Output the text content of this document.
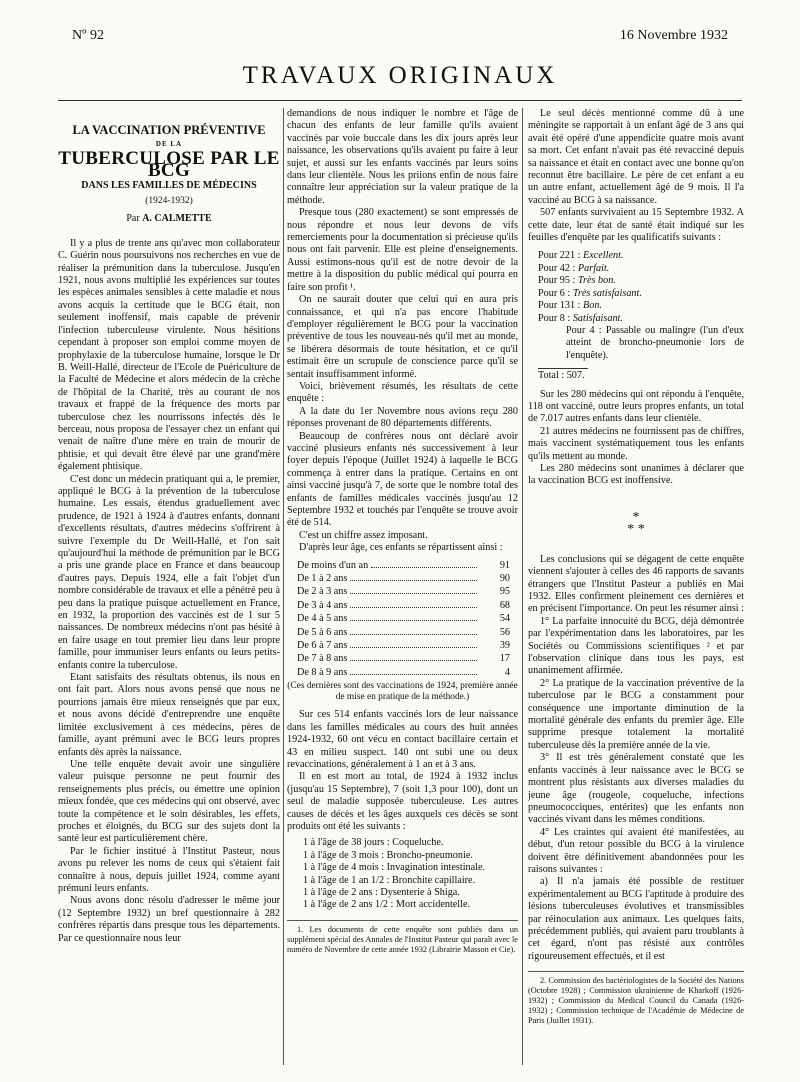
Nº 92	16 Novembre 1932
TRAVAUX ORIGINAUX
LA VACCINATION PRÉVENTIVE
DE LA
TUBERCULOSE PAR LE BCG
DANS LES FAMILLES DE MÉDECINS
(1924-1932)
Par A. CALMETTE

Il y a plus de trente ans qu'avec mon collaborateur C. Guérin nous poursuivons nos recherches en vue de réaliser la prémunition dans la tuberculose. Jusqu'en 1921, nous avons multiplié les expériences sur toutes les espèces animales sensibles à cette maladie et nous avons acquis la certitude que le BCG était, non seulement inoffensif, mais capable de prévenir l'infection tuberculeuse virulente. Nous hésitions cependant à proposer son emploi comme moyen de prophylaxie de la tuberculose humaine, lorsque le Dr B. Weill-Hallé, directeur de l'Ecole de Puériculture de la Faculté de Médecine et alors médecin de la crèche de l'hôpital de la Charité, très au courant de nos travaux et frappé de la fréquence des morts par tuberculose chez les nourrissons infectés dès le berceau, nous proposa de l'essayer chez un enfant qui venait de naître d'une mère en train de mourir de phtisie, et qui devait être élevé par une grand'mère également phtisique.

C'est donc un médecin pratiquant qui a, le premier, appliqué le BCG à la prévention de la tuberculose humaine. Les essais, étendus graduellement avec prudence, de 1921 à 1924 à d'autres enfants, donnant d'excellents résultats, d'autres médecins s'offrirent à suivre l'exemple du Dr Weill-Hallé, et l'on sait qu'aujourd'hui la méthode de prémunition par le BCG a pris une grande place en France et dans beaucoup d'autres pays. Depuis 1924, elle a fait l'objet d'un nombre considérable de travaux et elle a pénétré peu à peu dans la pratique puisque actuellement en France, en 1932, la proportion des vaccinés est de 1 sur 5 naissances. De nombreux médecins n'ont pas hésité à en faire usage en tout premier lieu dans leur propre famille, pour immuniser leurs enfants ou leurs petits-enfants contre la tuberculose.

Etant satisfaits des résultats obtenus, ils nous en ont fait part. Alors nous avons pensé que nous ne pourrions jamais être mieux renseignés que par eux, et nous avons décidé d'entreprendre une enquête limitée exclusivement à ces médecins, pères de famille, ayant prémuni avec le BCG leurs propres enfants dès après la naissance.

Une telle enquête devait avoir une singulière valeur puisque personne ne peut fournir des renseignements plus précis, ou émettre une opinion mieux fondée, que ces médecins qui ont observé, avec toute la compétence et le soin désirables, les effets, proches et éloignés, du BCG sur des sujets dont la santé leur est particulièrement chère.

Par le fichier institué à l'Institut Pasteur, nous avons pu relever les noms de ceux qui s'étaient fait connaître à nous, depuis juillet 1924, comme ayant prémuni leurs enfants.

Nous avons donc résolu d'adresser le même jour (12 Septembre 1932) un bref questionnaire à 282 confrères répartis dans presque tous les départements. Par ce questionnaire nous leur

demandions de nous indiquer le nombre et l'âge de chacun des enfants de leur famille qu'ils avaient vaccinés par voie buccale dans les dix jours après leur naissance, les observations qu'ils avaient pu faire à leur sujet, et aussi sur les enfants vaccinés par leurs soins dans leur clientèle. Nous les priions enfin de nous faire connaître leur appréciation sur la valeur pratique de la méthode.

Presque tous (280 exactement) se sont empressés de nous répondre et nous leur devons de vifs remerciements pour la documentation si précieuse qu'ils nous ont fait parvenir. Elle est pleine d'enseignements. Aussi estimons-nous qu'il est de notre devoir de la mettre à la disposition du public médical qui pourra en faire son profit ¹.

On ne saurait douter que celui qui en aura pris connaissance, et qui n'a pas encore l'habitude d'employer régulièrement le BCG pour la vaccination préventive de tous les nouveau-nés qu'il met au monde, se libérera désormais de toute hésitation, et ce qu'il estimait être un scrupule de conscience parce qu'il se sentait insuffisamment informé.

Voici, brièvement résumés, les résultats de cette enquête :

A la date du 1er Novembre nous avions reçu 280 réponses provenant de 80 départements différents.

Beaucoup de confrères nous ont déclaré avoir vacciné plusieurs enfants nés successivement à leur foyer depuis l'époque (Juillet 1924) à laquelle le BCG commença à entrer dans la pratique. Certains en ont ainsi vacciné jusqu'à 7, de sorte que le nombre total des enfants de familles médicales vaccinés jusqu'au 12 Septembre 1932 et touchés par l'enquête se trouve avoir été de 514.

C'est un chiffre assez imposant.

D'après leur âge, ces enfants se répartissent ainsi :

De moins d'un an	91
De 1 à 2 ans	90
De 2 à 3 ans	95
De 3 à 4 ans	68
De 4 à 5 ans	54
De 5 à 6 ans	56
De 6 à 7 ans	39
De 7 à 8 ans	17
De 8 à 9 ans	4
(Ces dernières sont des vaccinations de 1924, première année de mise en pratique de la méthode.)

Sur ces 514 enfants vaccinés lors de leur naissance dans les familles médicales au cours des huit années 1924-1932, 60 ont vécu en contact bacillaire certain et 43 en milieu suspect. 140 ont subi une ou deux revaccinations, généralement à 1 an et à 3 ans.

Il en est mort au total, de 1924 à 1932 inclus (jusqu'au 15 Septembre), 7 (soit 1,3 pour 100), dont un seul de maladie supposée tuberculeuse. Les autres causes de décès et les âges auxquels ces décès se sont produits ont été les suivants :

1 à l'âge de 38 jours : Coqueluche.
1 à l'âge de 3 mois : Broncho-pneumonie.
1 à l'âge de 4 mois : Invagination intestinale.
1 à l'âge de 1 an 1/2 : Bronchite capillaire.
1 à l'âge de 2 ans : Dysenterie à Shiga.
1 à l'âge de 2 ans 1/2 : Mort accidentelle.

1. Les documents de cette enquête sont publiés dans un supplément spécial des Annales de l'Institut Pasteur qui paraît avec le numéro de Novembre de cette année 1932 (Librairie Masson et Cie).

Le seul décès mentionné comme dû à une méningite se rapportait à un enfant âgé de 3 ans qui avait été opéré d'une appendicite quatre mois avant sa mort. Cet enfant n'avait pas été revacciné depuis sa naissance et était en contact avec une bonne qu'on reconnut être bacillaire. Le père de cet enfant a eu un autre enfant, actuellement âgé de 9 mois. Il l'a vacciné au BCG à sa naissance.

507 enfants survivaient au 15 Septembre 1932. A cette date, leur état de santé était indiqué sur les feuilles d'enquête par les qualificatifs suivants :

Pour 221 : Excellent.
Pour 42 : Parfait.
Pour 95 : Très bon.
Pour 6 : Très satisfaisant.
Pour 131 : Bon.
Pour 8 : Satisfaisant.
Pour 4 : Passable ou malingre (l'un d'eux atteint de broncho-pneumonie lors de l'enquête).
Total : 507.

Sur les 280 médecins qui ont répondu à l'enquête, 118 ont vacciné, outre leurs propres enfants, un total de 7.017 autres enfants dans leur clientèle.

21 autres médecins ne fournissent pas de chiffres, mais vaccinent systématiquement tous les enfants qu'ils mettent au monde.

Les 280 médecins sont unanimes à déclarer que la vaccination BCG est inoffensive.

*
* *

Les conclusions qui se dégagent de cette enquête viennent s'ajouter à celles des 46 rapports de savants étrangers que l'Institut Pasteur a publiés en Mai 1932. Elles confirment pleinement ces dernières et en précisent l'importance. On peut les résumer ainsi :

1° La parfaite innocuité du BCG, déjà démontrée par l'expérimentation dans les laboratoires, par les Sociétés ou Commissions scientifiques ² et par l'observation clinique dans tous les pays, est unanimement affirmée.

2° La pratique de la vaccination préventive de la tuberculose par le BCG a constamment pour conséquence une importante diminution de la mortalité générale des enfants du premier âge. Elle supprime presque totalement la mortalité tuberculeuse dès la première année de la vie.

3° Il est très généralement constaté que les enfants vaccinés à leur naissance avec le BCG se montrent plus résistants aux diverses maladies du jeune âge (rougeole, coqueluche, infections pneumococciques, entérites) que les enfants non vaccinés vivant dans les mêmes conditions.

4° Les craintes qui avaient été manifestées, au début, d'un retour possible du BCG à la virulence doivent être définitivement abandonnées pour les raisons suivantes :

a) Il n'a jamais été possible de restituer expérimentalement au BCG l'aptitude à produire des lésions tuberculeuses évolutives et transmissibles par réinoculation aux animaux. Les quelques faits, précédemment publiés, qui avaient paru troublants à cet égard, n'ont pas résisté aux contrôles rigoureusement effectués, et il est

2. Commission des bactériologistes de la Société des Nations (Octobre 1928) ; Commission ukrainienne de Kharkoff (1926-1932) ; Commission du Medical Council du Canada (1926-1932) ; Commission technique de l'Académie de Médecine de Paris (Juillet 1931).
